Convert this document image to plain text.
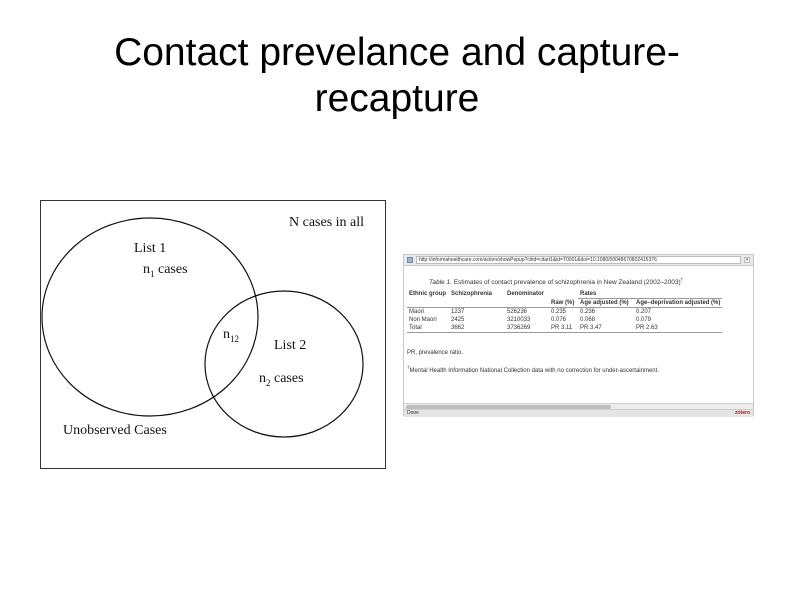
Contact prevelance and capture-
recapture
N cases in all
List 1
$n_1$ cases
$n_{12}$	List 2
$n_2$ cases
Unobserved Cases
http://informahealthcare.com/action/showPopup?citid=citart1&id=T0001&doi=10.1080/00048670802415376	▾
Table 1. Estimates of contact prevalence of schizophrenia in New Zealand (2002–2003)†
Ethnic group	Schizophrenia	Denominator		Rates	
			Raw (%)	Age adjusted (%)	Age–deprivation adjusted (%)
Maori	1237	526236	0.235	0.236	0.207
Non Maori	2425	3210033	0.076	0.068	0.079
Total	3662	3736269	PR 3.11	PR 3.47	PR 2.63
PR, prevalence ratio.
†Mental Health Information National Collection data with no correction for under-ascertainment.
Done	zotero
